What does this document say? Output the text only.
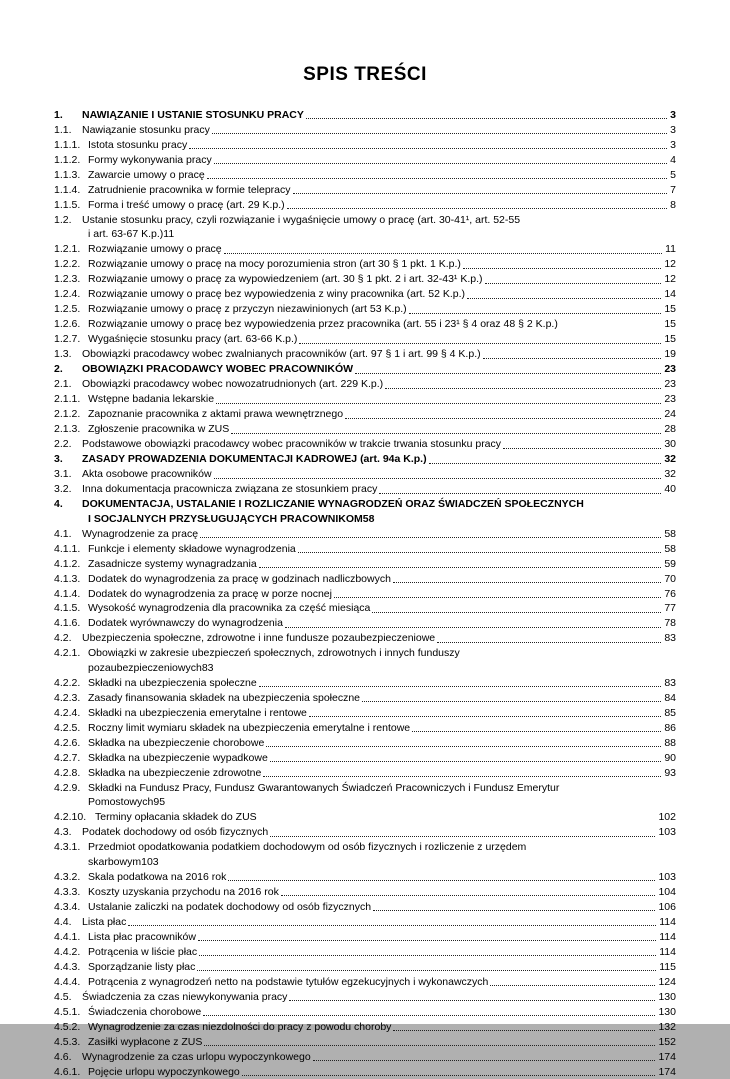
SPIS TREŚCI
1.	NAWIĄZANIE I USTANIE STOSUNKU PRACY	3
1.1. Nawiązanie stosunku pracy	3
1.1.1. Istota stosunku pracy	3
1.1.2. Formy wykonywania pracy	4
1.1.3. Zawarcie umowy o pracę	5
1.1.4. Zatrudnienie pracownika w formie telepracy	7
1.1.5. Forma i treść umowy o pracę (art. 29 K.p.)	8
1.2. Ustanie stosunku pracy, czyli rozwiązanie i wygaśnięcie umowy o pracę (art. 30-41¹, art. 52-55
i art. 63-67 K.p.) 11
1.2.1. Rozwiązanie umowy o pracę	11
1.2.2. Rozwiązanie umowy o pracę na mocy porozumienia stron (art 30 § 1 pkt. 1 K.p.)	12
1.2.3. Rozwiązanie umowy o pracę za wypowiedzeniem (art. 30 § 1 pkt. 2 i art. 32-43¹ K.p.)	12
1.2.4. Rozwiązanie umowy o pracę bez wypowiedzenia z winy pracownika (art. 52 K.p.)	14
1.2.5. Rozwiązanie umowy o pracę z przyczyn niezawinionych (art 53 K.p.)	15
1.2.6. Rozwiązanie umowy o pracę bez wypowiedzenia przez pracownika (art. 55 i 23¹ § 4 oraz 48 § 2 K.p.)	15
1.2.7. Wygaśnięcie stosunku pracy (art. 63-66 K.p.)	15
1.3. Obowiązki pracodawcy wobec zwalnianych pracowników (art. 97 § 1 i art. 99 § 4 K.p.)	19
2.	OBOWIĄZKI PRACODAWCY WOBEC PRACOWNIKÓW	23
2.1. Obowiązki pracodawcy wobec nowozatrudnionych (art. 229 K.p.)	23
2.1.1. Wstępne badania lekarskie	23
2.1.2. Zapoznanie pracownika z aktami prawa wewnętrznego	24
2.1.3. Zgłoszenie pracownika w ZUS	28
2.2. Podstawowe obowiązki pracodawcy wobec pracowników w trakcie trwania stosunku pracy	30
3.	ZASADY PROWADZENIA DOKUMENTACJI KADROWEJ (art. 94a K.p.)	32
3.1. Akta osobowe pracowników	32
3.2. Inna dokumentacja pracownicza związana ze stosunkiem pracy	40
4.	DOKUMENTACJA, USTALANIE I ROZLICZANIE WYNAGRODZEŃ ORAZ ŚWIADCZEŃ SPOŁECZNYCH
I SOCJALNYCH PRZYSŁUGUJĄCYCH PRACOWNIKOM 58
4.1. Wynagrodzenie za pracę	58
4.1.1. Funkcje i elementy składowe wynagrodzenia	58
4.1.2. Zasadnicze systemy wynagradzania	59
4.1.3. Dodatek do wynagrodzenia za pracę w godzinach nadliczbowych	70
4.1.4. Dodatek do wynagrodzenia za pracę w porze nocnej	76
4.1.5. Wysokość wynagrodzenia dla pracownika za część miesiąca	77
4.1.6. Dodatek wyrównawczy do wynagrodzenia	78
4.2. Ubezpieczenia społeczne, zdrowotne i inne fundusze pozaubezpieczeniowe	83
4.2.1. Obowiązki w zakresie ubezpieczeń społecznych, zdrowotnych i innych funduszy
pozaubezpieczeniowych 83
4.2.2. Składki na ubezpieczenia społeczne	83
4.2.3. Zasady finansowania składek na ubezpieczenia społeczne	84
4.2.4. Składki na ubezpieczenia emerytalne i rentowe	85
4.2.5. Roczny limit wymiaru składek na ubezpieczenia emerytalne i rentowe	86
4.2.6. Składka na ubezpieczenie chorobowe	88
4.2.7. Składka na ubezpieczenie wypadkowe	90
4.2.8. Składka na ubezpieczenie zdrowotne	93
4.2.9. Składki na Fundusz Pracy, Fundusz Gwarantowanych Świadczeń Pracowniczych i Fundusz Emerytur
Pomostowych 95
4.2.10. Terminy opłacania składek do ZUS	102
4.3. Podatek dochodowy od osób fizycznych	103
4.3.1. Przedmiot opodatkowania podatkiem dochodowym od osób fizycznych i rozliczenie z urzędem
skarbowym 103
4.3.2. Skala podatkowa na 2016 rok	103
4.3.3. Koszty uzyskania przychodu na 2016 rok	104
4.3.4. Ustalanie zaliczki na podatek dochodowy od osób fizycznych	106
4.4. Lista płac	114
4.4.1. Lista płac pracowników	114
4.4.2. Potrącenia w liście płac	114
4.4.3. Sporządzanie listy płac	115
4.4.4. Potrącenia z wynagrodzeń netto na podstawie tytułów egzekucyjnych i wykonawczych	124
4.5. Świadczenia za czas niewykonywania pracy	130
4.5.1. Świadczenia chorobowe	130
4.5.2. Wynagrodzenie za czas niezdolności do pracy z powodu choroby	132
4.5.3. Zasiłki wypłacone z ZUS	152
4.6. Wynagrodzenie za czas urlopu wypoczynkowego	174
4.6.1. Pojęcie urlopu wypoczynkowego	174
